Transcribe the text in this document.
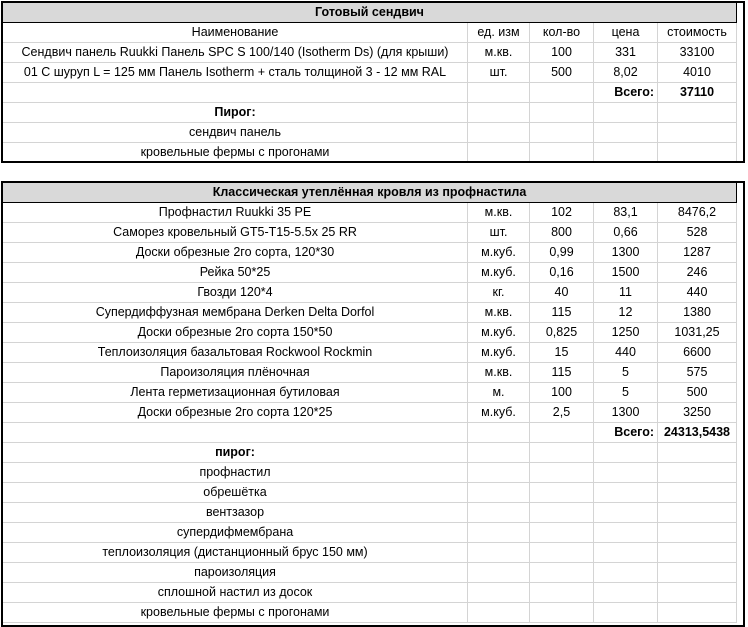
Готовый сендвич				
Наименование	ед. изм	кол-во	цена	стоимость
Сендвич панель Ruukki Панель SPC S 100/140 (Isotherm Ds) (для крыши)	м.кв.	100	331	33100
01 С шуруп L = 125 мм Панель Isotherm + сталь толщиной 3 - 12 мм RAL	шт.	500	8,02	4010
			Всего:	37110
Пирог:				
сендвич панель				
кровельные фермы с прогонами				
Классическая утеплённая кровля из профнастила				
Профнастил Ruukki 35 PE	м.кв.	102	83,1	8476,2
Саморез кровельный GT5-T15-5.5x 25 RR	шт.	800	0,66	528
Доски обрезные 2го сорта, 120*30	м.куб.	0,99	1300	1287
Рейка 50*25	м.куб.	0,16	1500	246
Гвозди 120*4	кг.	40	11	440
Супердиффузная мембрана Derken Delta Dorfol	м.кв.	115	12	1380
Доски обрезные 2го сорта 150*50	м.куб.	0,825	1250	1031,25
Теплоизоляция базальтовая Rockwool Rockmin	м.куб.	15	440	6600
Пароизоляция плёночная	м.кв.	115	5	575
Лента герметизационная бутиловая	м.	100	5	500
Доски обрезные 2го сорта 120*25	м.куб.	2,5	1300	3250
			Всего:	24313,5438
пирог:				
профнастил				
обрешётка				
вентзазор				
супердифмембрана				
теплоизоляция (дистанционный брус 150 мм)				
пароизоляция				
сплошной настил из досок				
кровельные фермы с прогонами				
